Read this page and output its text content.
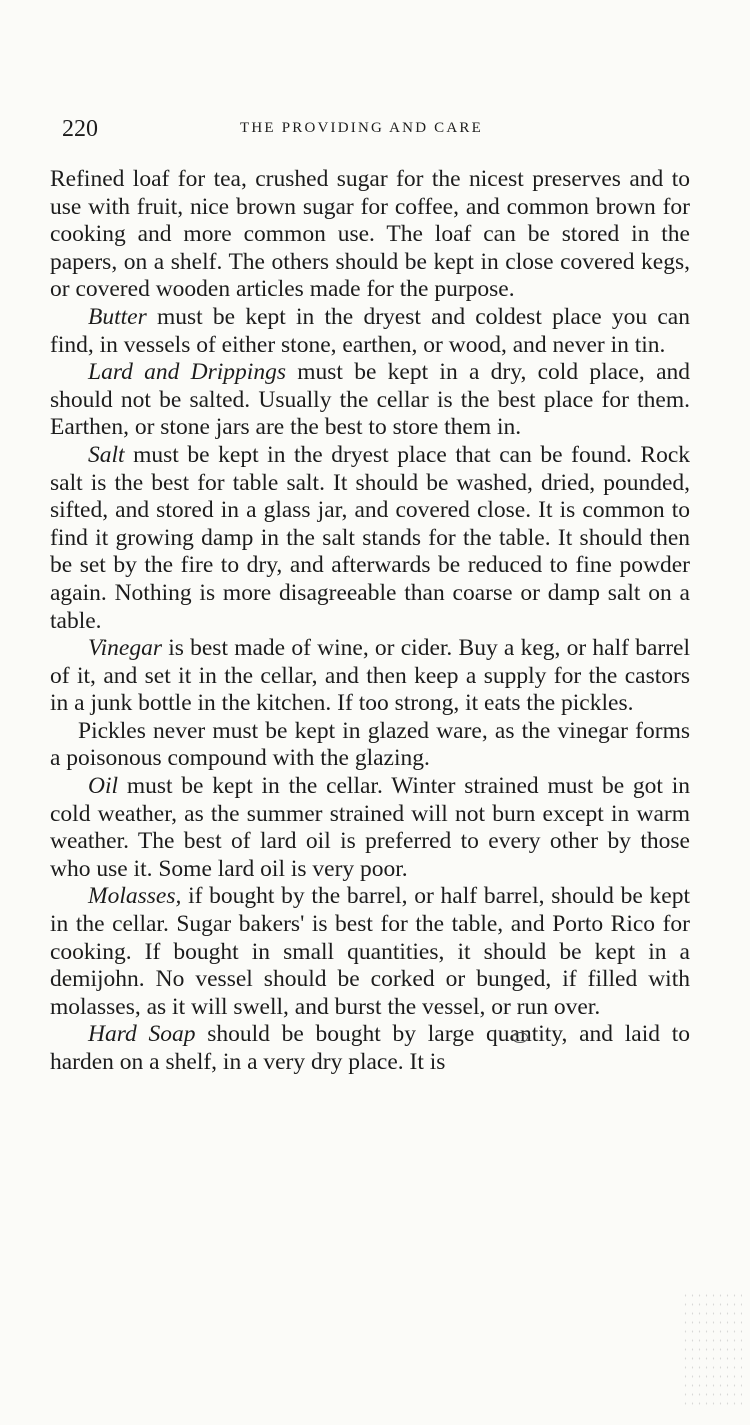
220	THE PROVIDING AND CARE

Refined loaf for tea, crushed sugar for the nicest preserves and to use with fruit, nice brown sugar for coffee, and common brown for cooking and more common use. The loaf can be stored in the papers, on a shelf. The others should be kept in close covered kegs, or covered wooden articles made for the purpose.

Butter must be kept in the dryest and coldest place you can find, in vessels of either stone, earthen, or wood, and never in tin.

Lard and Drippings must be kept in a dry, cold place, and should not be salted. Usually the cellar is the best place for them. Earthen, or stone jars are the best to store them in.

Salt must be kept in the dryest place that can be found. Rock salt is the best for table salt. It should be washed, dried, pounded, sifted, and stored in a glass jar, and covered close. It is common to find it growing damp in the salt stands for the table. It should then be set by the fire to dry, and afterwards be reduced to fine powder again. Nothing is more disagreeable than coarse or damp salt on a table.

Vinegar is best made of wine, or cider. Buy a keg, or half barrel of it, and set it in the cellar, and then keep a supply for the castors in a junk bottle in the kitchen. If too strong, it eats the pickles.

Pickles never must be kept in glazed ware, as the vinegar forms a poisonous compound with the glazing.

Oil must be kept in the cellar. Winter strained must be got in cold weather, as the summer strained will not burn except in warm weather. The best of lard oil is preferred to every other by those who use it. Some lard oil is very poor.

Molasses, if bought by the barrel, or half barrel, should be kept in the cellar. Sugar bakers' is best for the table, and Porto Rico for cooking. If bought in small quantities, it should be kept in a demijohn. No vessel should be corked or bunged, if filled with molasses, as it will swell, and burst the vessel, or run over.

Hard Soap should be bought by large quantity, and laid to harden on a shelf, in a very dry place. It is
